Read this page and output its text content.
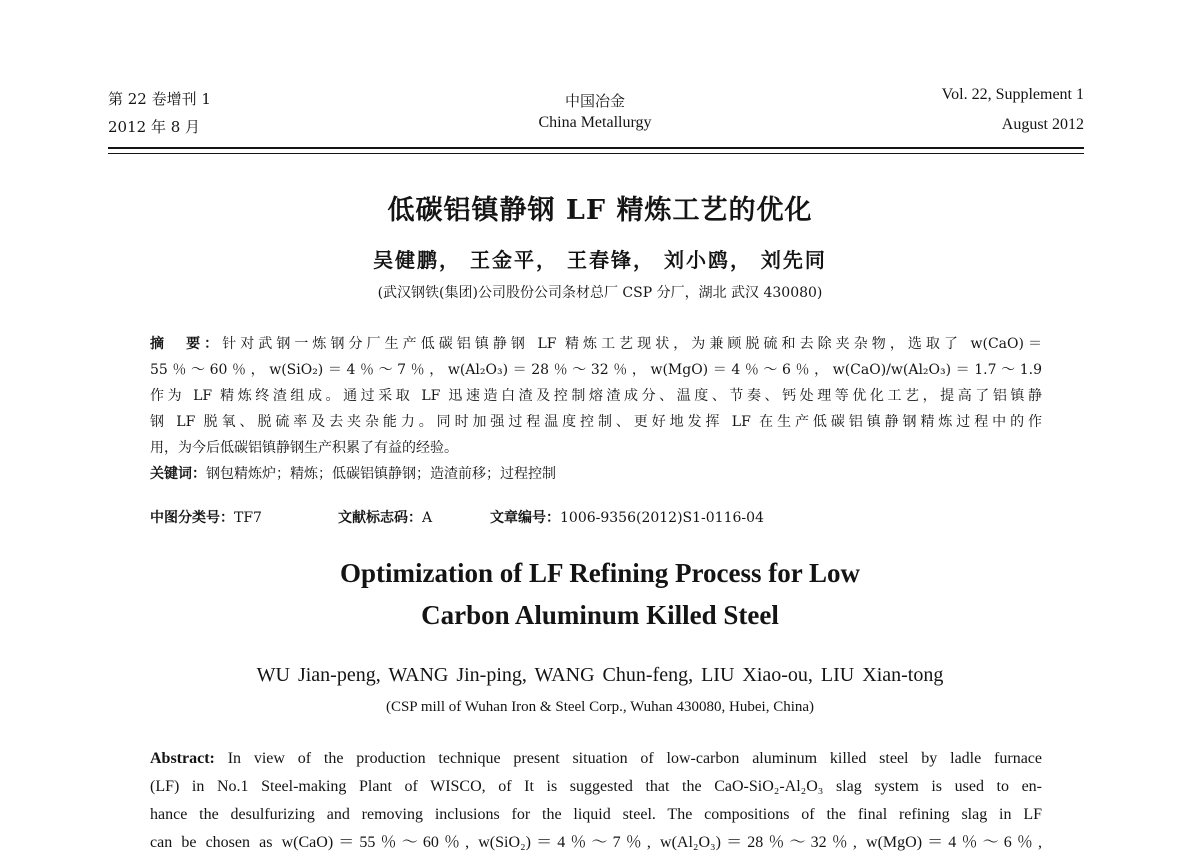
第 22 卷增刊 1
2012 年 8 月
中国冶金
China Metallurgy
Vol. 22, Supplement 1
August 2012
低碳铝镇静钢 LF 精炼工艺的优化
吴健鹏， 王金平， 王春锋， 刘小鸥， 刘先同
(武汉钢铁(集团)公司股份公司条材总厂 CSP 分厂，湖北 武汉 430080)
摘　要：针对武钢一炼钢分厂生产低碳铝镇静钢 LF 精炼工艺现状，为兼顾脱硫和去除夹杂物，选取了 w(CaO)＝
55％～60％，w(SiO₂)＝4％～7％，w(Al₂O₃)＝28％～32％，w(MgO)＝4％～6％，w(CaO)/w(Al₂O₃)＝1.7～1.9
作为 LF 精炼终渣组成。通过采取 LF 迅速造白渣及控制熔渣成分、温度、节奏、钙处理等优化工艺，提高了铝镇静
钢 LF 脱氧、脱硫率及去夹杂能力。同时加强过程温度控制、更好地发挥 LF 在生产低碳铝镇静钢精炼过程中的作
用，为今后低碳铝镇静钢生产积累了有益的经验。
关键词：钢包精炼炉；精炼；低碳铝镇静钢；造渣前移；过程控制
中图分类号：TF7	文献标志码：A	文章编号：1006-9356(2012)S1-0116-04
Optimization of LF Refining Process for Low
Carbon Aluminum Killed Steel
WU Jian-peng, WANG Jin-ping, WANG Chun-feng, LIU Xiao-ou, LIU Xian-tong
(CSP mill of Wuhan Iron & Steel Corp., Wuhan 430080, Hubei, China)
Abstract: In view of the production technique present situation of low-carbon aluminum killed steel by ladle furnace
(LF) in No.1 Steel-making Plant of WISCO, of It is suggested that the CaO-SiO₂-Al₂O₃ slag system is used to en-
hance the desulfurizing and removing inclusions for the liquid steel. The compositions of the final refining slag in LF
can be chosen as w(CaO)＝55％～60％, w(SiO₂)＝4％～7％, w(Al₂O₃)＝28％～32％, w(MgO)＝4％～6％,
